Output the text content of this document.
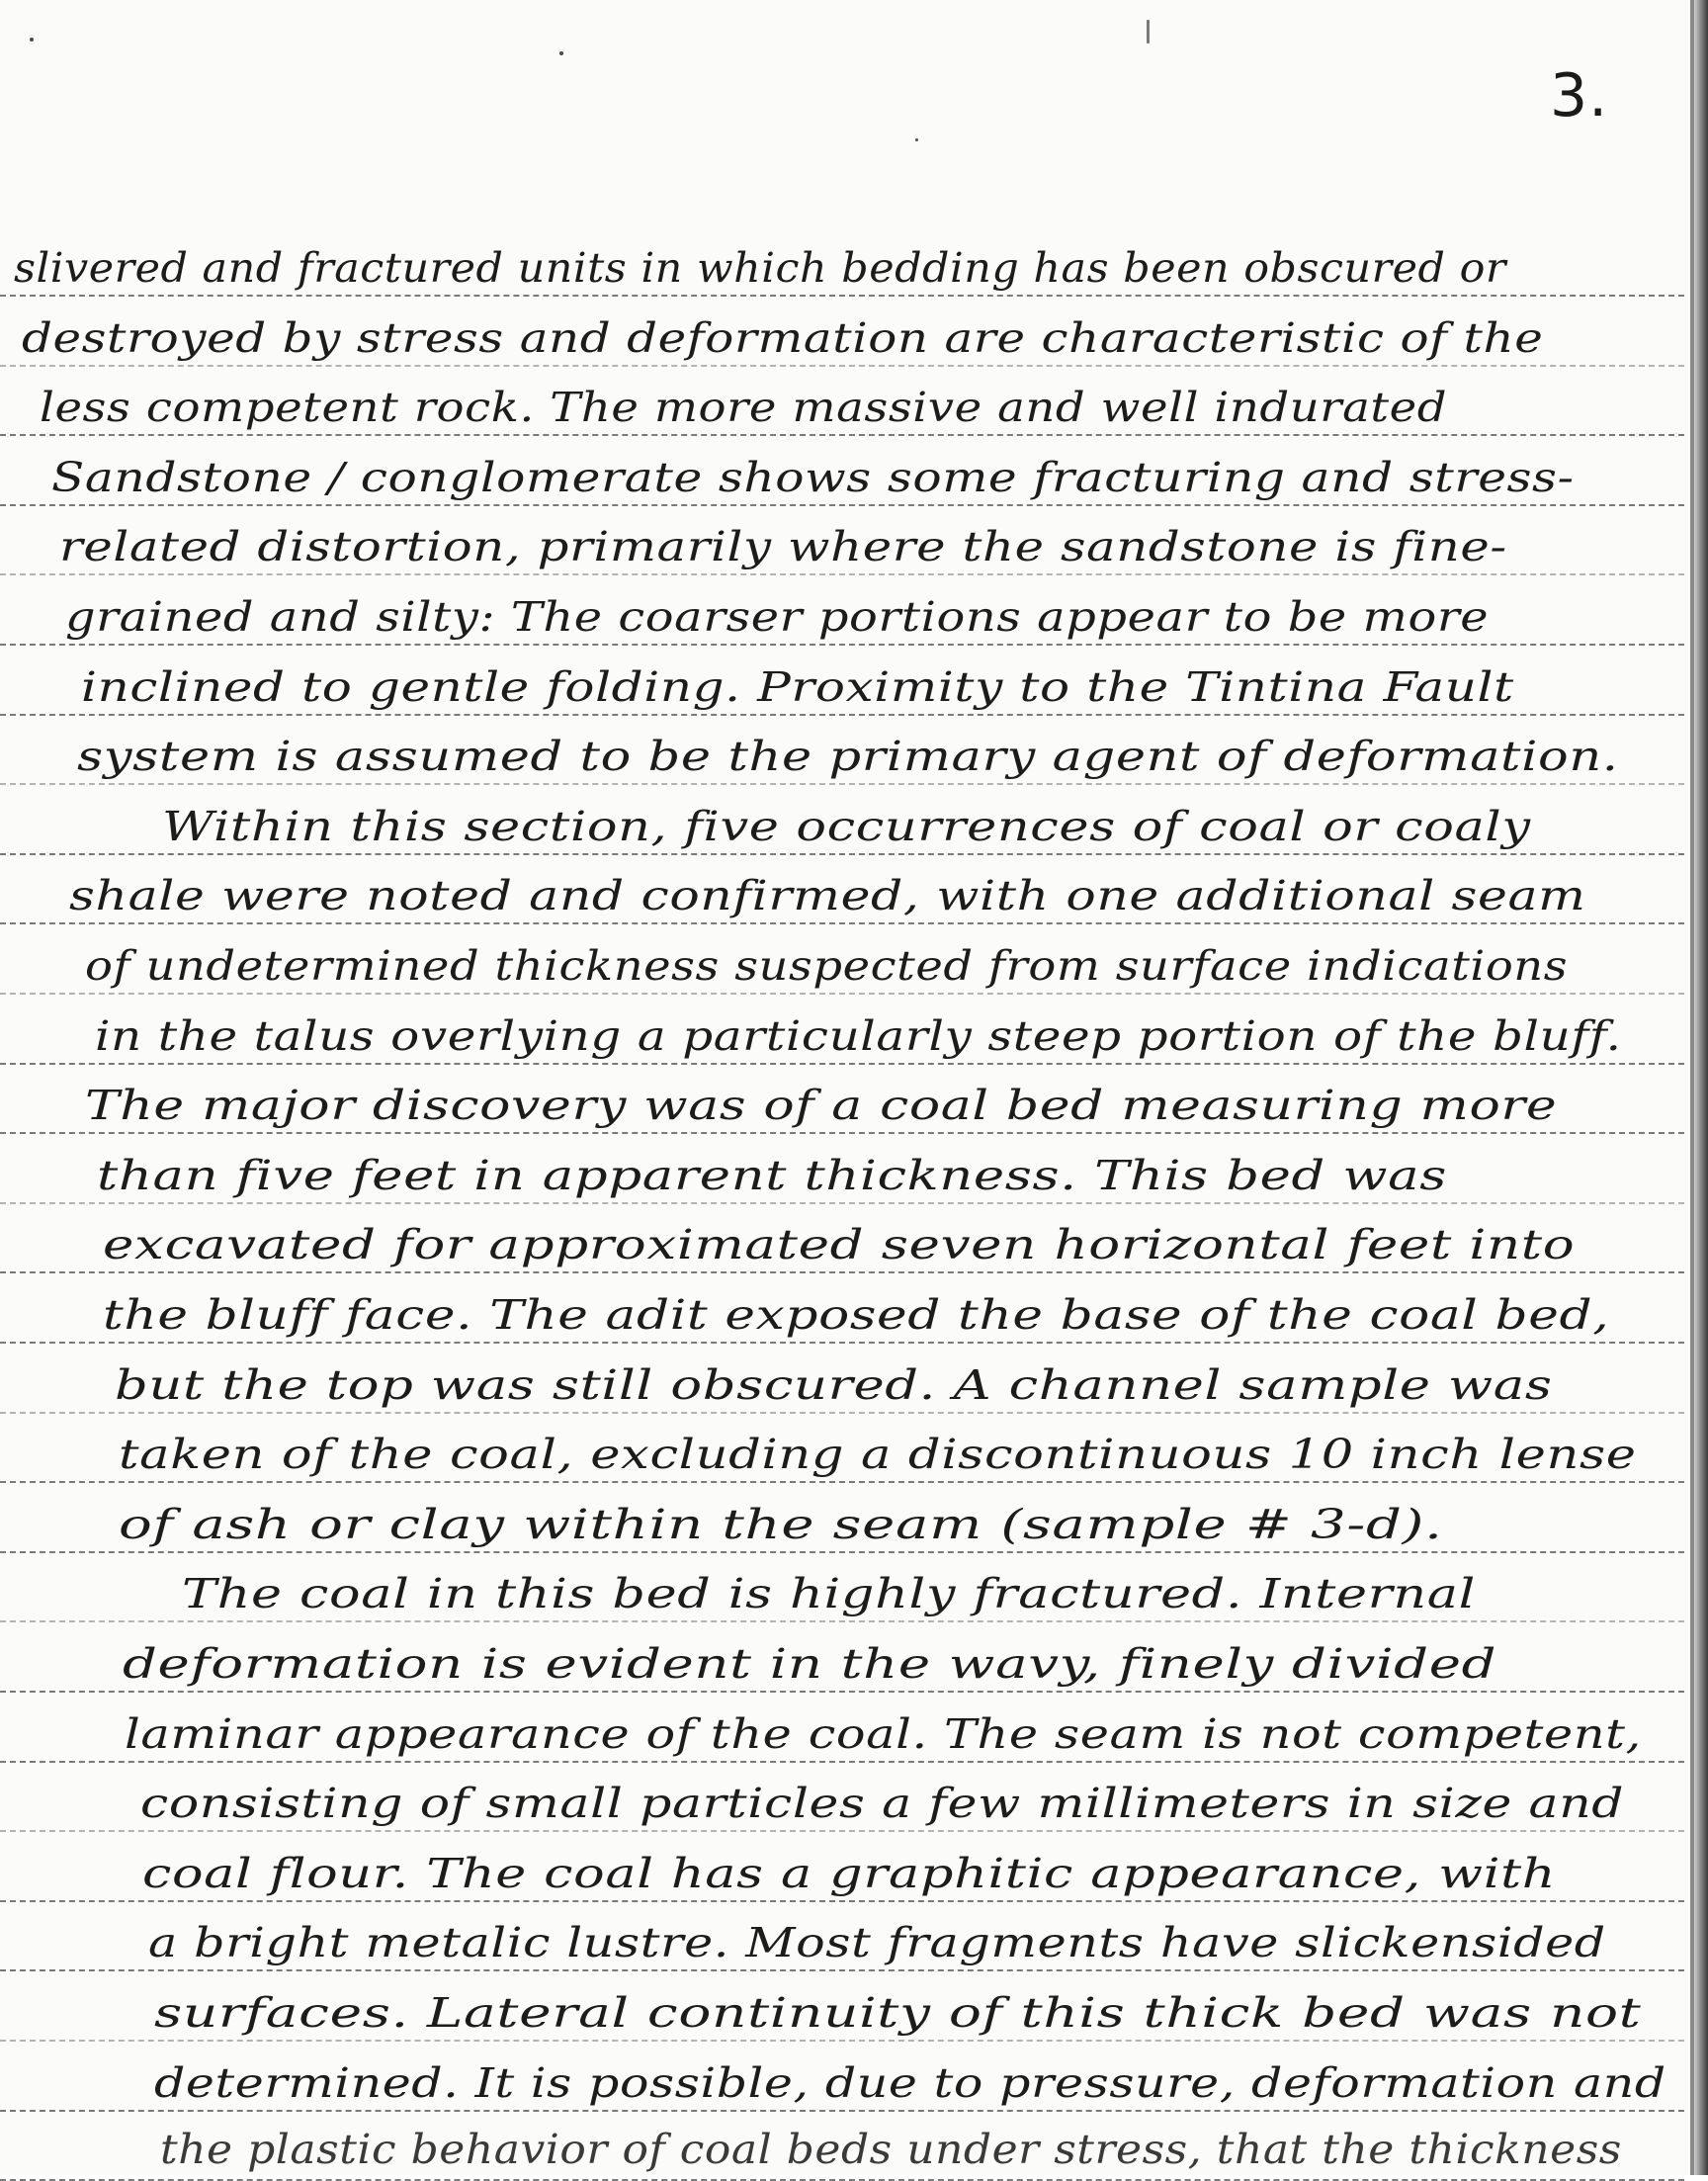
3.
slivered and fractured units in which bedding has been obscured or
destroyed by stress and deformation are characteristic of the
less competent rock. The more massive and well indurated
Sandstone / conglomerate shows some fracturing and stress-
related distortion, primarily where the sandstone is fine-
grained and silty: The coarser portions appear to be more
inclined to gentle folding. Proximity to the Tintina Fault
system is assumed to be the primary agent of deformation.
Within this section, five occurrences of coal or coaly
shale were noted and confirmed, with one additional seam
of undetermined thickness suspected from surface indications
in the talus overlying a particularly steep portion of the bluff.
The major discovery was of a coal bed measuring more
than five feet in apparent thickness. This bed was
excavated for approximated seven horizontal feet into
the bluff face. The adit exposed the base of the coal bed,
but the top was still obscured. A channel sample was
taken of the coal, excluding a discontinuous 10 inch lense
of ash or clay within the seam (sample # 3-d).
The coal in this bed is highly fractured. Internal
deformation is evident in the wavy, finely divided
laminar appearance of the coal. The seam is not competent,
consisting of small particles a few millimeters in size and
coal flour. The coal has a graphitic appearance, with
a bright metalic lustre. Most fragments have slickensided
surfaces. Lateral continuity of this thick bed was not
determined. It is possible, due to pressure, deformation and
the plastic behavior of coal beds under stress, that the thickness
